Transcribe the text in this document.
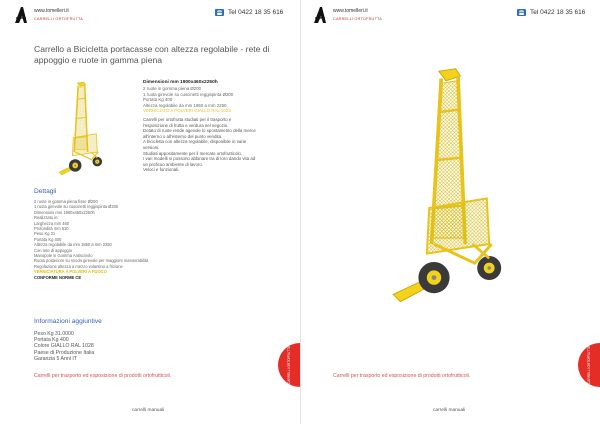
www.tomelleri.it
CARRELLI ORTOFRUTTA
Tel 0422 18 35 616
Carrello a Bicicletta portacasse con altezza regolabile - rete di appoggio e ruote in gamma piena
Dimensioni mm 1900x460x2250h
2 ruote in gomma piena Ø200
1 ruota girevole su cuscinetti reggispinta Ø200
Portata Kg 400
Altezza regolabile da mm 1850 a mm 2250
VERNICIATO A POLVERI GIALLO RAL 1028
Carrelli per ortofrutta studiati per il trasporto e
l'esposizione di frutta e verdura nel negozio.
Dotato di ruote rende agevole lo spostamento della merce
all'interno o all'esterno del punto vendita.
A bicicletta con altezza regolabile, disponibile in varie
versioni.
Studiati appositamente per il mercato ortofrutticolo.
I vari modelli si possono abbinare tra di loro dando vita ad
un proficuo ambiente di lavoro.
Veloci e funzionali.
Dettagli
2 ruote in gomma piena fisse Ø200
1 ruota girevole su cuscinetti reggispinta Ø200
Dimensioni mm 1900x460x2250h
Realizzato in:
Larghezza mm 460
Profondità mm 510
Peso Kg 31
Portata Kg 400
Altezza regolabile da mm 1850 a mm 2250
Con rete di appoggio
Manopole in Gomma Antiscivolo
Ruota posteriore su snodo girevole per maggiore manovrabilità
Regolazione altezza a mezzo volantino a frizione
VERNICIATURA A POLVERI A FUOCO
CONFORME NORME CE
Informazioni aggiuntive
Peso Kg 31.0000
Portata Kg 400
Colore GIALLO RAL 1028
Paese di Produzione Italia
Garanzia 5 Anni IT
Carrelli per trasporto ed esposizione di prodotti ortofrutticoli.
carrelli manuali
CARRELLI ORTOFRUTTA
www.tomelleri.it
CARRELLI ORTOFRUTTA
Tel 0422 18 35 616
Carrelli per trasporto ed esposizione di prodotti ortofrutticoli.
carrelli manuali
CARRELLI ORTOFRUTTA
